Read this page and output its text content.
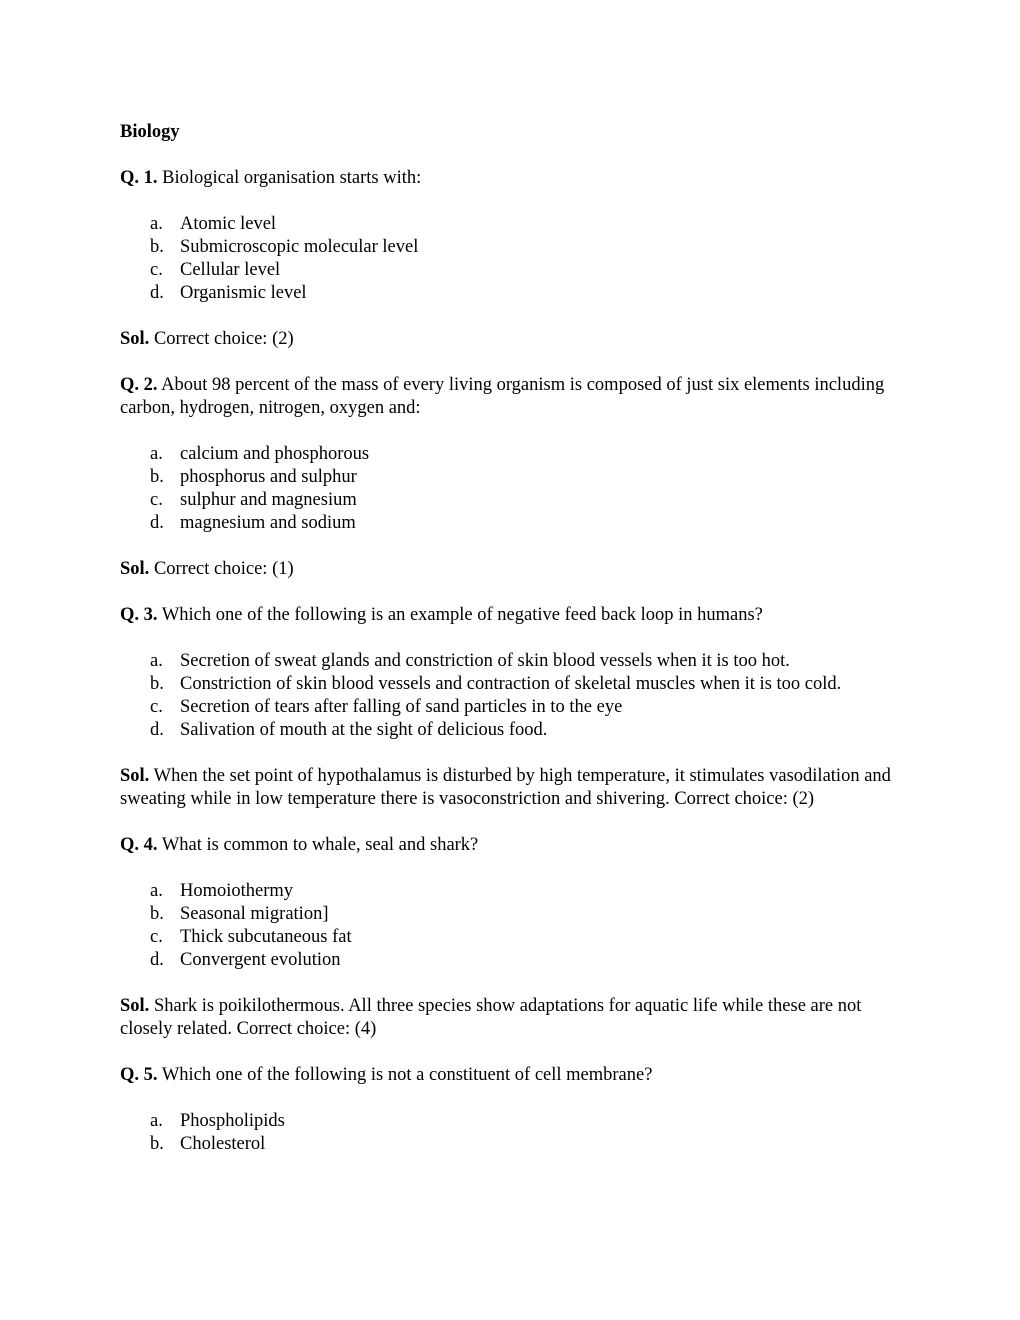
Biology

Q. 1. Biological organisation starts with:

a. Atomic level
b. Submicroscopic molecular level
c. Cellular level
d. Organismic level

Sol. Correct choice: (2)

Q. 2. About 98 percent of the mass of every living organism is composed of just six elements including carbon, hydrogen, nitrogen, oxygen and:

a. calcium and phosphorous
b. phosphorus and sulphur
c. sulphur and magnesium
d. magnesium and sodium

Sol. Correct choice: (1)

Q. 3. Which one of the following is an example of negative feed back loop in humans?

a. Secretion of sweat glands and constriction of skin blood vessels when it is too hot.
b. Constriction of skin blood vessels and contraction of skeletal muscles when it is too cold.
c. Secretion of tears after falling of sand particles in to the eye
d. Salivation of mouth at the sight of delicious food.

Sol. When the set point of hypothalamus is disturbed by high temperature, it stimulates vasodilation and sweating while in low temperature there is vasoconstriction and shivering. Correct choice: (2)

Q. 4. What is common to whale, seal and shark?

a. Homoiothermy
b. Seasonal migration]
c. Thick subcutaneous fat
d. Convergent evolution

Sol. Shark is poikilothermous. All three species show adaptations for aquatic life while these are not closely related. Correct choice: (4)

Q. 5. Which one of the following is not a constituent of cell membrane?

a. Phospholipids
b. Cholesterol
